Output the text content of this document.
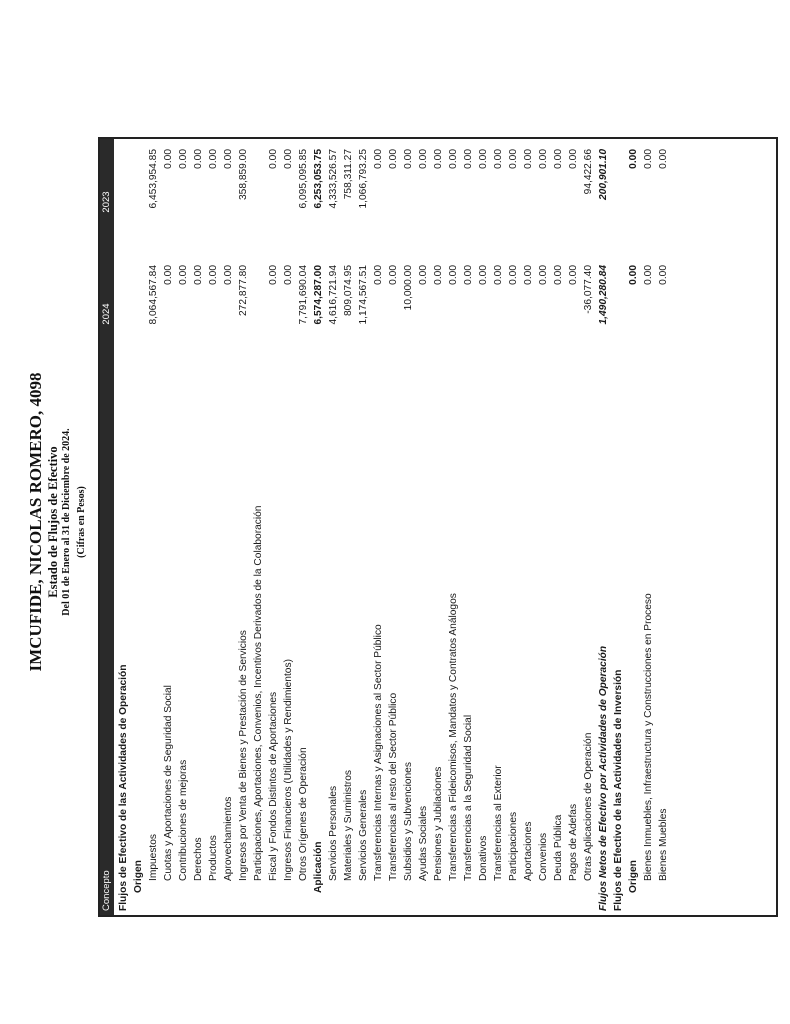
IMCUFIDE, NICOLAS ROMERO, 4098 Estado de Flujos de Efectivo Del 01 de Enero al 31 de Diciembre de 2024. (Cifras en Pesos)
Concepto
2024
2023
Flujos de Efectivo de las Actividades de Operación Origen Impuestos
8,064,567.84
6,453,954.85
Cuotas y Aportaciones de Seguridad Social
0.00
0.00
Contribuciones de mejoras
0.00
0.00
Derechos
0.00
0.00
Productos
0.00
0.00
Aprovechamientos
0.00
0.00
Ingresos por Venta de Bienes y Prestación de Servicios
272,877.80
358,859.00
Participaciones, Aportaciones, Convenios, Incentivos Derivados de la Colaboración Fiscal y Fondos Distintos de Aportaciones
0.00
0.00
Ingresos Financieros (Utilidades y Rendimientos)
0.00
0.00
Otros Orígenes de Operación
7,791,690.04
6,095,095.85
Aplicación
6,574,287.00
6,253,053.75
Servicios Personales
4,616,721.94
4,333,526.57
Materiales y Suministros
809,074.95
758,311.27
Servicios Generales
1,174,567.51
1,066,793.25
Transferencias Internas y Asignaciones al Sector Público
0.00
0.00
Transferencias al resto del Sector Público
0.00
0.00
Subsidios y Subvenciones
10,000.00
0.00
Ayudas Sociales
0.00
0.00
Pensiones y Jubilaciones
0.00
0.00
Transferencias a Fideicomisos, Mandatos y Contratos Análogos
0.00
0.00
Transferencias a la Seguridad Social
0.00
0.00
Donativos
0.00
0.00
Transferencias al Exterior
0.00
0.00
Participaciones
0.00
0.00
Aportaciones
0.00
0.00
Convenios
0.00
0.00
Deuda Pública
0.00
0.00
Pagos de Adefas
0.00
0.00
Otras Aplicaciones de Operación
-36,077.40
94,422.66
Flujos Netos de Efectivo por Actividades de Operación
1,490,280.84
200,901.10
Flujos de Efectivo de las Actividades de Inversión Origen
0.00
0.00
Bienes Inmuebles, Infraestructura y Construcciones en Proceso
0.00
0.00
Bienes Muebles
0.00
0.00
